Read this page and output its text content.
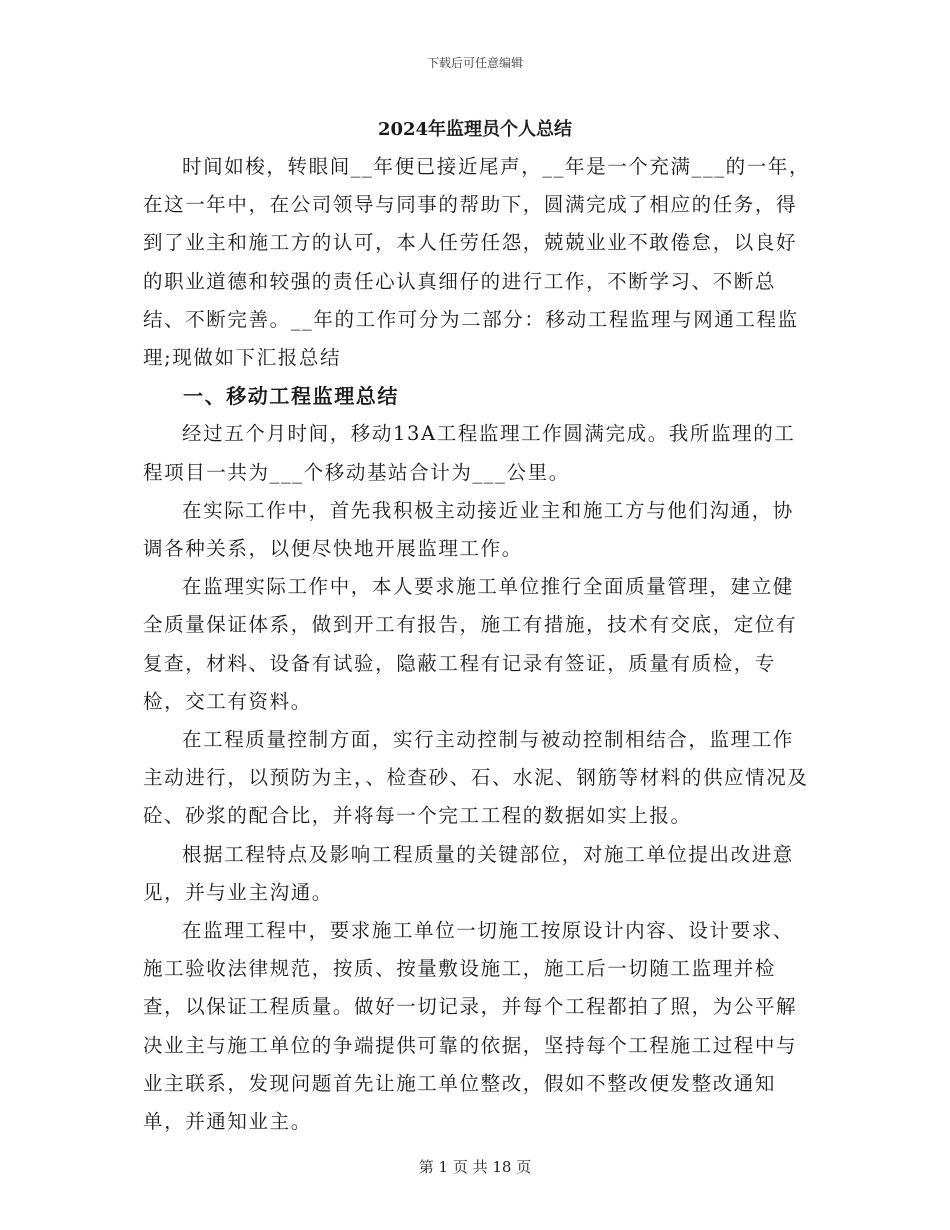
下载后可任意编辑
2024年监理员个人总结

时间如梭，转眼间__年便已接近尾声，__年是一个充满___的一年，在这一年中，在公司领导与同事的帮助下，圆满完成了相应的任务，得到了业主和施工方的认可，本人任劳任怨，兢兢业业不敢倦怠，以良好的职业道德和较强的责任心认真细仔的进行工作，不断学习、不断总结、不断完善。__年的工作可分为二部分：移动工程监理与网通工程监理;现做如下汇报总结

一、移动工程监理总结

经过五个月时间，移动13A工程监理工作圆满完成。我所监理的工程项目一共为___个移动基站合计为___公里。

在实际工作中，首先我积极主动接近业主和施工方与他们沟通，协调各种关系，以便尽快地开展监理工作。

在监理实际工作中，本人要求施工单位推行全面质量管理，建立健全质量保证体系，做到开工有报告，施工有措施，技术有交底，定位有复查，材料、设备有试验，隐蔽工程有记录有签证，质量有质检，专检，交工有资料。

在工程质量控制方面，实行主动控制与被动控制相结合，监理工作主动进行，以预防为主，、检查砂、石、水泥、钢筋等材料的供应情况及砼、砂浆的配合比，并将每一个完工工程的数据如实上报。

根据工程特点及影响工程质量的关键部位，对施工单位提出改进意见，并与业主沟通。

在监理工程中，要求施工单位一切施工按原设计内容、设计要求、施工验收法律规范，按质、按量敷设施工，施工后一切随工监理并检查，以保证工程质量。做好一切记录，并每个工程都拍了照，为公平解决业主与施工单位的争端提供可靠的依据，坚持每个工程施工过程中与业主联系，发现问题首先让施工单位整改，假如不整改便发整改通知单，并通知业主。

第 1 页 共 18 页
